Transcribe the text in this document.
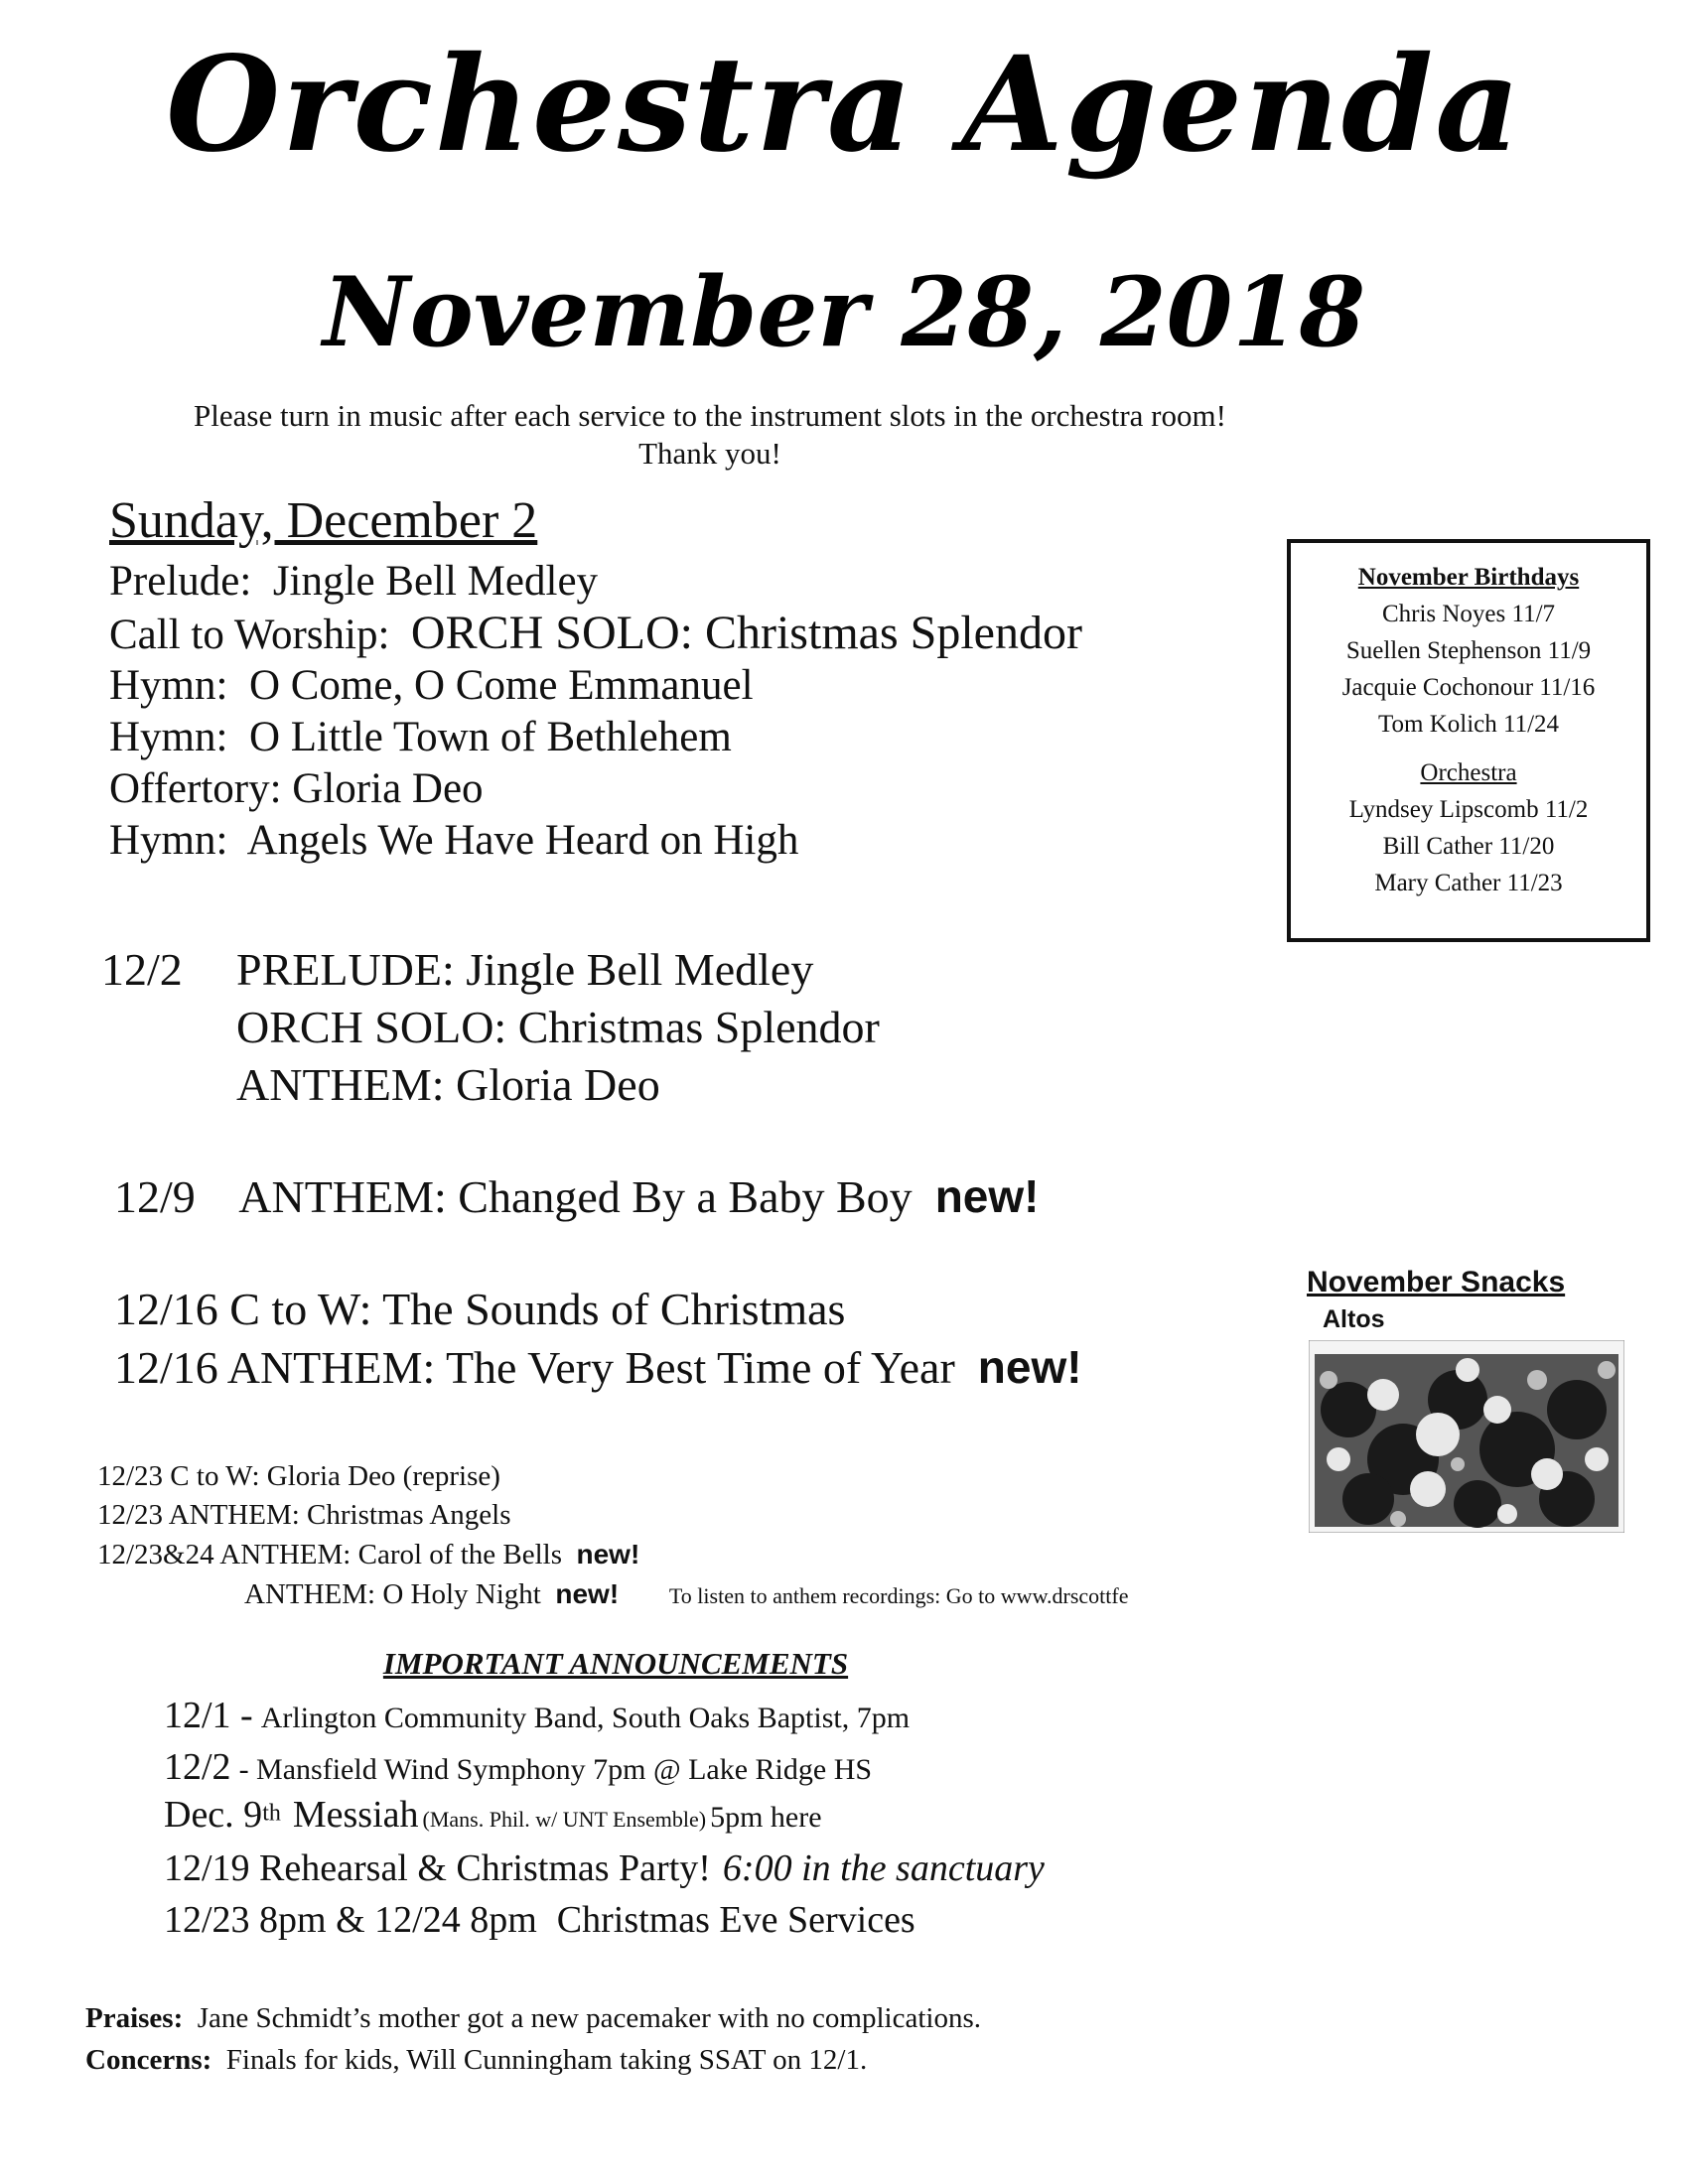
Orchestra Agenda
November 28, 2018
Please turn in music after each service to the instrument slots in the orchestra room!
Thank you!
Sunday, December 2
Prelude: Jingle Bell Medley
Call to Worship: ORCH SOLO: Christmas Splendor
Hymn: O Come, O Come Emmanuel
Hymn: O Little Town of Bethlehem
Offertory: Gloria Deo
Hymn: Angels We Have Heard on High
November Birthdays
Chris Noyes 11/7
Suellen Stephenson 11/9
Jacquie Cochonour 11/16
Tom Kolich 11/24
Orchestra
Lyndsey Lipscomb 11/2
Bill Cather 11/20
Mary Cather 11/23
12/2 PRELUDE: Jingle Bell Medley
ORCH SOLO: Christmas Splendor
ANTHEM: Gloria Deo
12/9 ANTHEM: Changed By a Baby Boy new!
12/16 C to W: The Sounds of Christmas
12/16 ANTHEM: The Very Best Time of Year new!
November Snacks
Altos
12/23 C to W: Gloria Deo (reprise)
12/23 ANTHEM: Christmas Angels
12/23&24 ANTHEM: Carol of the Bells new!
ANTHEM: O Holy Night new! To listen to anthem recordings: Go to www.drscottfe
IMPORTANT ANNOUNCEMENTS
12/1 - Arlington Community Band, South Oaks Baptist, 7pm
12/2 - Mansfield Wind Symphony 7pm @ Lake Ridge HS
Dec. 9th Messiah (Mans. Phil. w/ UNT Ensemble) 5pm here
12/19 Rehearsal & Christmas Party! 6:00 in the sanctuary
12/23 8pm & 12/24 8pm Christmas Eve Services
Praises: Jane Schmidt’s mother got a new pacemaker with no complications.
Concerns: Finals for kids, Will Cunningham taking SSAT on 12/1.
